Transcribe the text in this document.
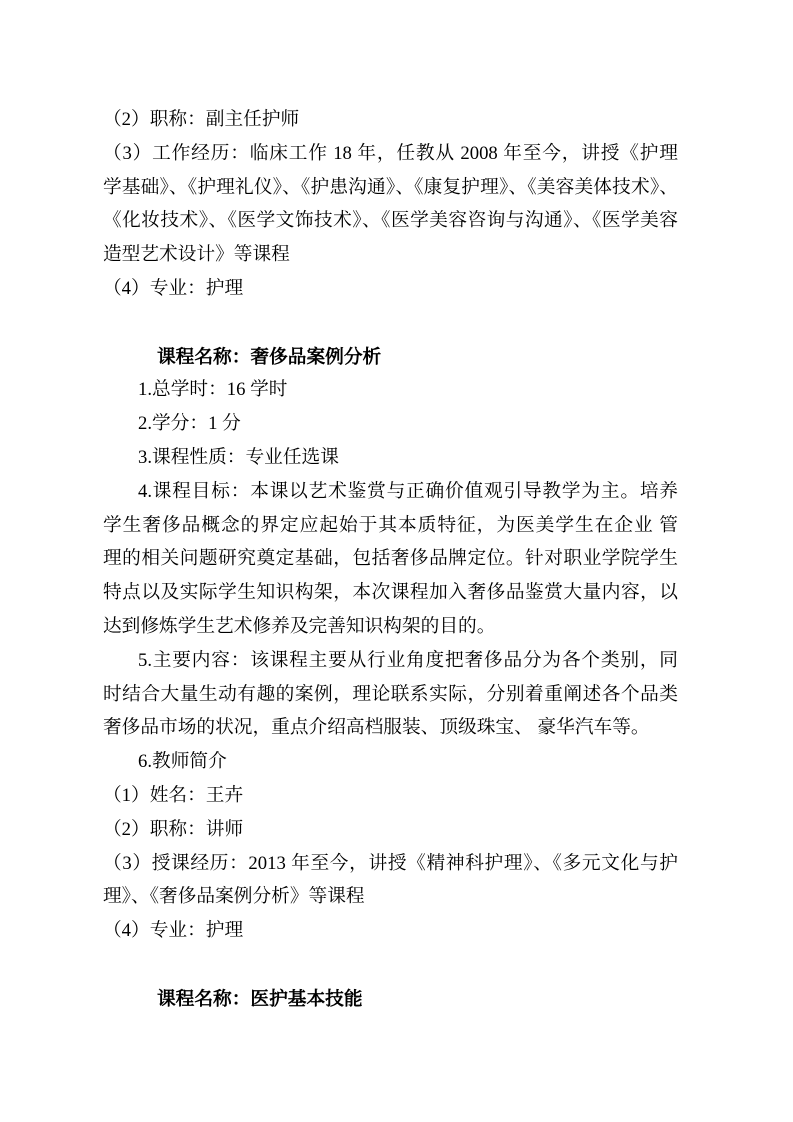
（2）职称：副主任护师
（3）工作经历：临床工作 18 年，任教从 2008 年至今，讲授《护理
学基础》、《护理礼仪》、《护患沟通》、《康复护理》、《美容美体技术》、
《化妆技术》、《医学文饰技术》、《医学美容咨询与沟通》、《医学美容
造型艺术设计》等课程
（4）专业：护理
课程名称：奢侈品案例分析
1.总学时：16 学时
2.学分：1 分
3.课程性质：专业任选课
4.课程目标：本课以艺术鉴赏与正确价值观引导教学为主。培养
学生奢侈品概念的界定应起始于其本质特征，为医美学生在企业 管
理的相关问题研究奠定基础，包括奢侈品牌定位。针对职业学院学生
特点以及实际学生知识构架，本次课程加入奢侈品鉴赏大量内容，以
达到修炼学生艺术修养及完善知识构架的目的。
5.主要内容：该课程主要从行业角度把奢侈品分为各个类别，同
时结合大量生动有趣的案例，理论联系实际，分别着重阐述各个品类
奢侈品市场的状况，重点介绍高档服装、顶级珠宝、 豪华汽车等。
6.教师简介
（1）姓名：王卉
（2）职称：讲师
（3）授课经历：2013 年至今，讲授《精神科护理》、《多元文化与护
理》、《奢侈品案例分析》等课程
（4）专业：护理
课程名称：医护基本技能
